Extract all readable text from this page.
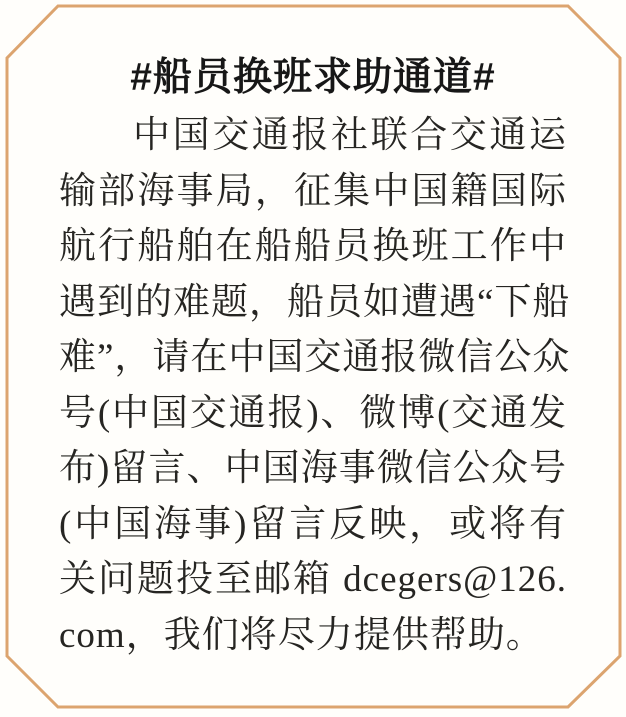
#船员换班求助通道#
中国交通报社联合交通运
输部海事局，征集中国籍国际
航行船舶在船船员换班工作中
遇到的难题，船员如遭遇“下船
难”，请在中国交通报微信公众
号(中国交通报)、微博(交通发
布)留言、中国海事微信公众号
(中国海事)留言反映，或将有
关问题投至邮箱 dcegers@126.
com，我们将尽力提供帮助。
